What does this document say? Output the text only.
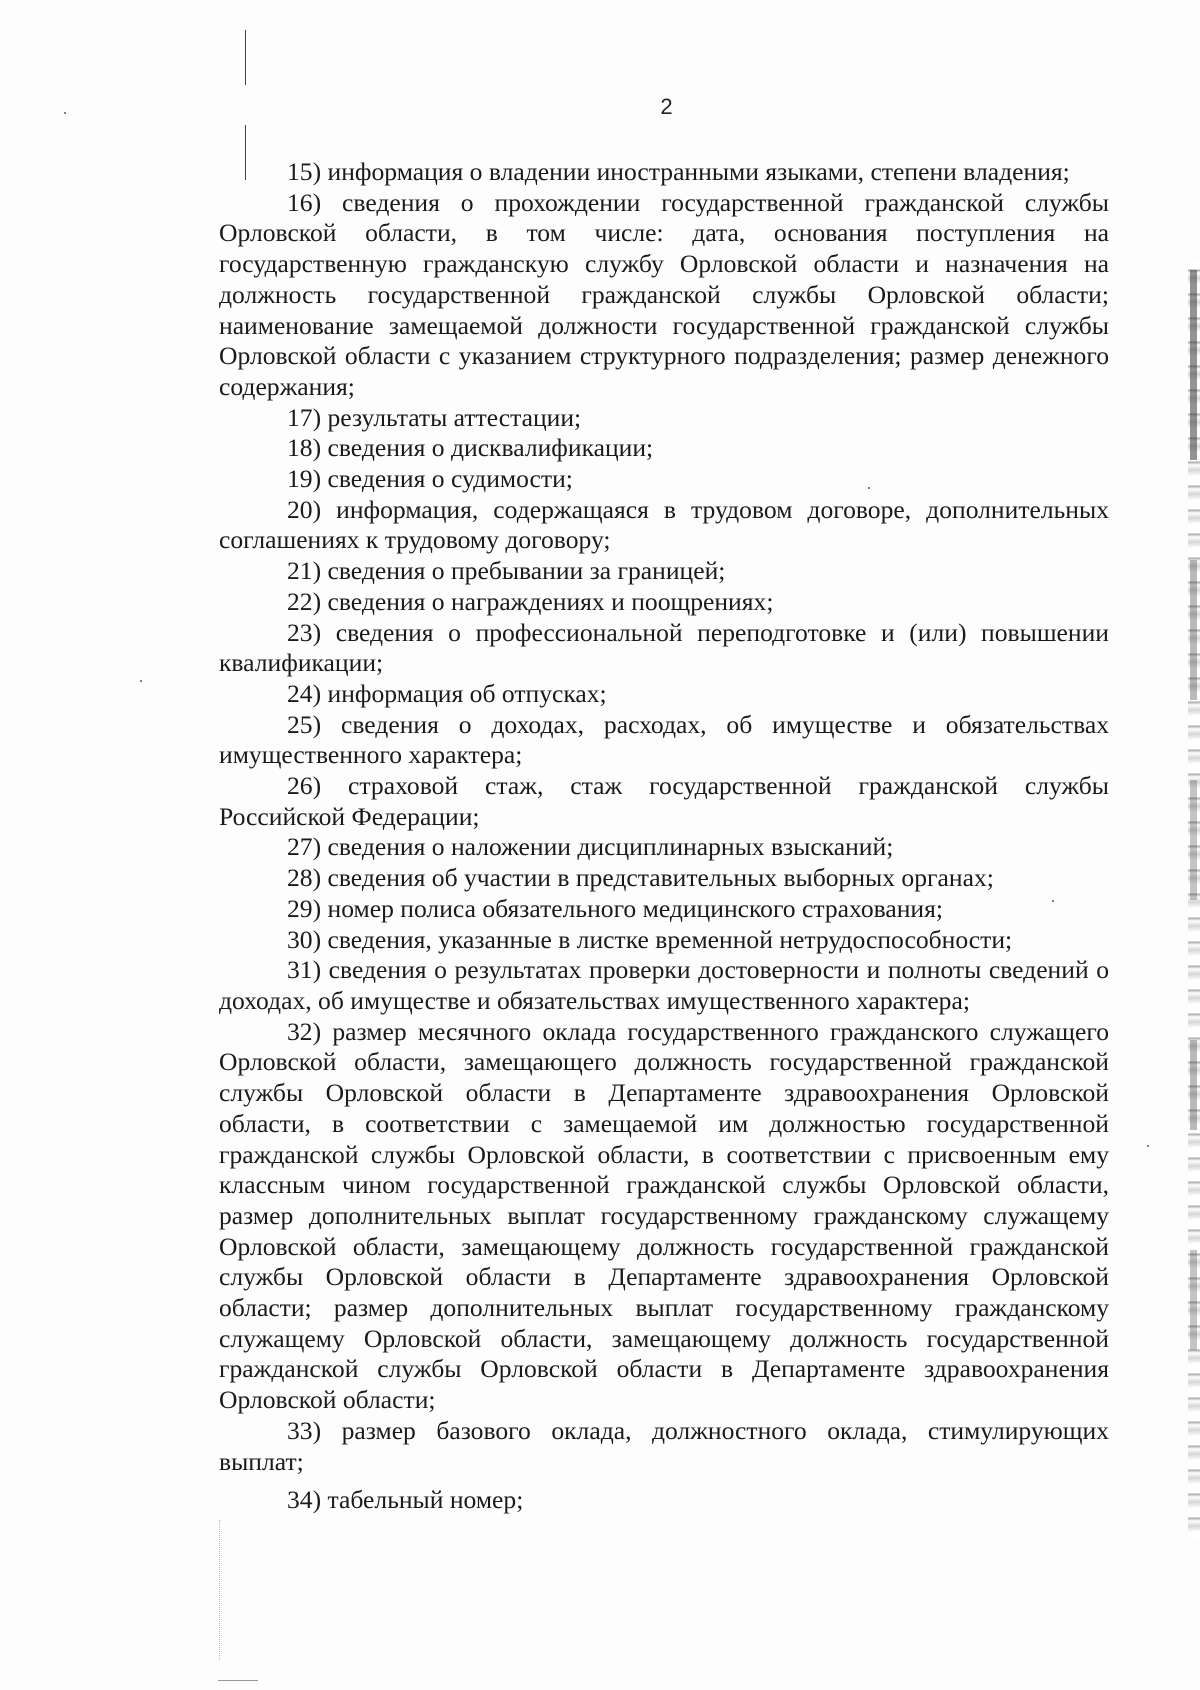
2

15) информация о владении иностранными языками, степени владения;

16) сведения о прохождении государственной гражданской службы Орловской области, в том числе: дата, основания поступления на государственную гражданскую службу Орловской области и назначения на должность государственной гражданской службы Орловской области; наименование замещаемой должности государственной гражданской службы Орловской области с указанием структурного подразделения; размер денежного содержания;

17) результаты аттестации;

18) сведения о дисквалификации;

19) сведения о судимости;

20) информация, содержащаяся в трудовом договоре, дополнительных соглашениях к трудовому договору;

21) сведения о пребывании за границей;

22) сведения о награждениях и поощрениях;

23) сведения о профессиональной переподготовке и (или) повышении квалификации;

24) информация об отпусках;

25) сведения о доходах, расходах, об имуществе и обязательствах имущественного характера;

26) страховой стаж, стаж государственной гражданской службы Российской Федерации;

27) сведения о наложении дисциплинарных взысканий;

28) сведения об участии в представительных выборных органах;

29) номер полиса обязательного медицинского страхования;

30) сведения, указанные в листке временной нетрудоспособности;

31) сведения о результатах проверки достоверности и полноты сведений о доходах, об имуществе и обязательствах имущественного характера;

32) размер месячного оклада государственного гражданского служащего Орловской области, замещающего должность государственной гражданской службы Орловской области в Департаменте здравоохранения Орловской области, в соответствии с замещаемой им должностью государственной гражданской службы Орловской области, в соответствии с присвоенным ему классным чином государственной гражданской службы Орловской области, размер дополнительных выплат государственному гражданскому служащему Орловской области, замещающему должность государственной гражданской службы Орловской области в Департаменте здравоохранения Орловской области; размер дополнительных выплат государственному гражданскому служащему Орловской области, замещающему должность государственной гражданской службы Орловской области в Департаменте здравоохранения Орловской области;

33) размер базового оклада, должностного оклада, стимулирующих выплат;

34) табельный номер;
